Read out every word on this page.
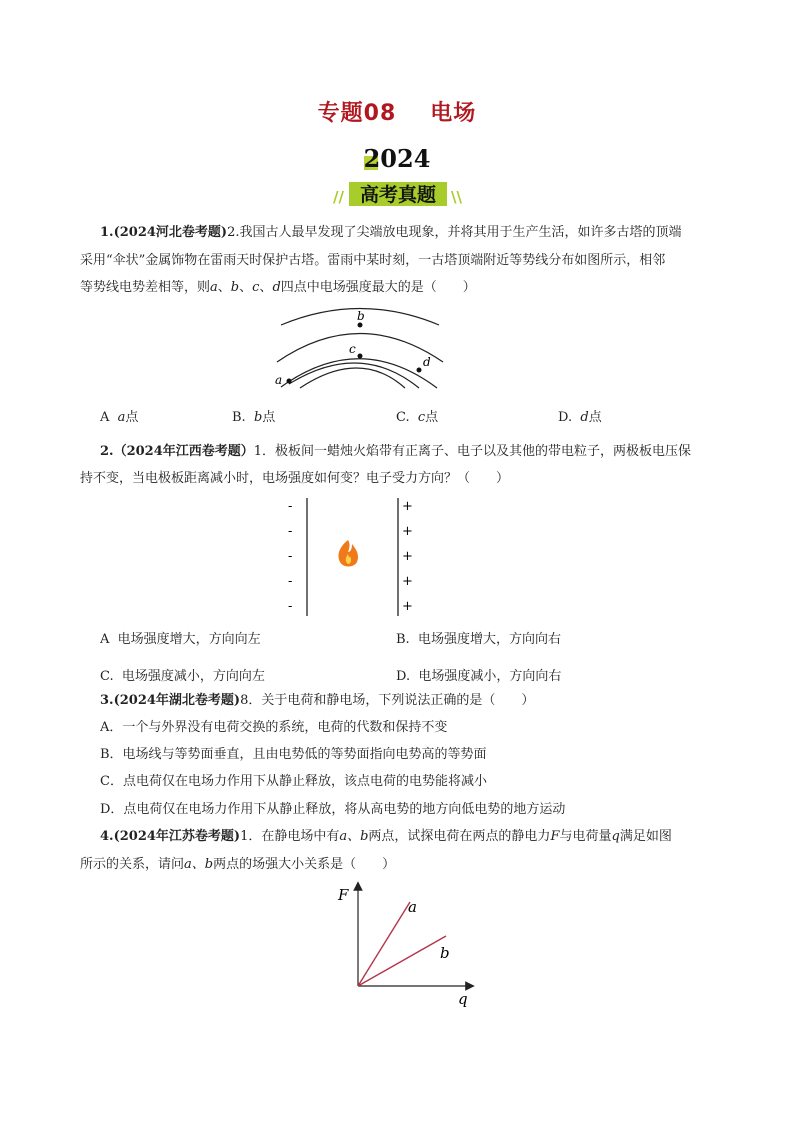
专题08 电场
2024
// 高考真题	\\
1.(2024河北卷考题)2.我国古人最早发现了尖端放电现象，并将其用于生产生活，如许多古塔的顶端
采用“伞状”金属饰物在雷雨天时保护古塔。雷雨中某时刻，一古塔顶端附近等势线分布如图所示，相邻
等势线电势差相等，则a、b、c、d四点中电场强度最大的是（　　）
b
c
d
a
A a点	B. b点	C. c点	D. d点
2.（2024年江西卷考题）1．极板间一蜡烛火焰带有正离子、电子以及其他的带电粒子，两极板电压保
持不变，当电极板距离减小时，电场强度如何变？电子受力方向？（　　）
-
-
-
-
-
+
+
+
+
+
A 电场强度增大，方向向左	B. 电场强度增大，方向向右
C. 电场强度减小，方向向左	D. 电场强度减小，方向向右
3.(2024年湖北卷考题)8．关于电荷和静电场，下列说法正确的是（　　）
A．一个与外界没有电荷交换的系统，电荷的代数和保持不变
B．电场线与等势面垂直，且由电势低的等势面指向电势高的等势面
C．点电荷仅在电场力作用下从静止释放，该点电荷的电势能将减小
D．点电荷仅在电场力作用下从静止释放，将从高电势的地方向低电势的地方运动
4.(2024年江苏卷考题)1．在静电场中有a、b两点，试探电荷在两点的静电力F与电荷量q满足如图
所示的关系，请问a、b两点的场强大小关系是（　　）
F
q
a
b
